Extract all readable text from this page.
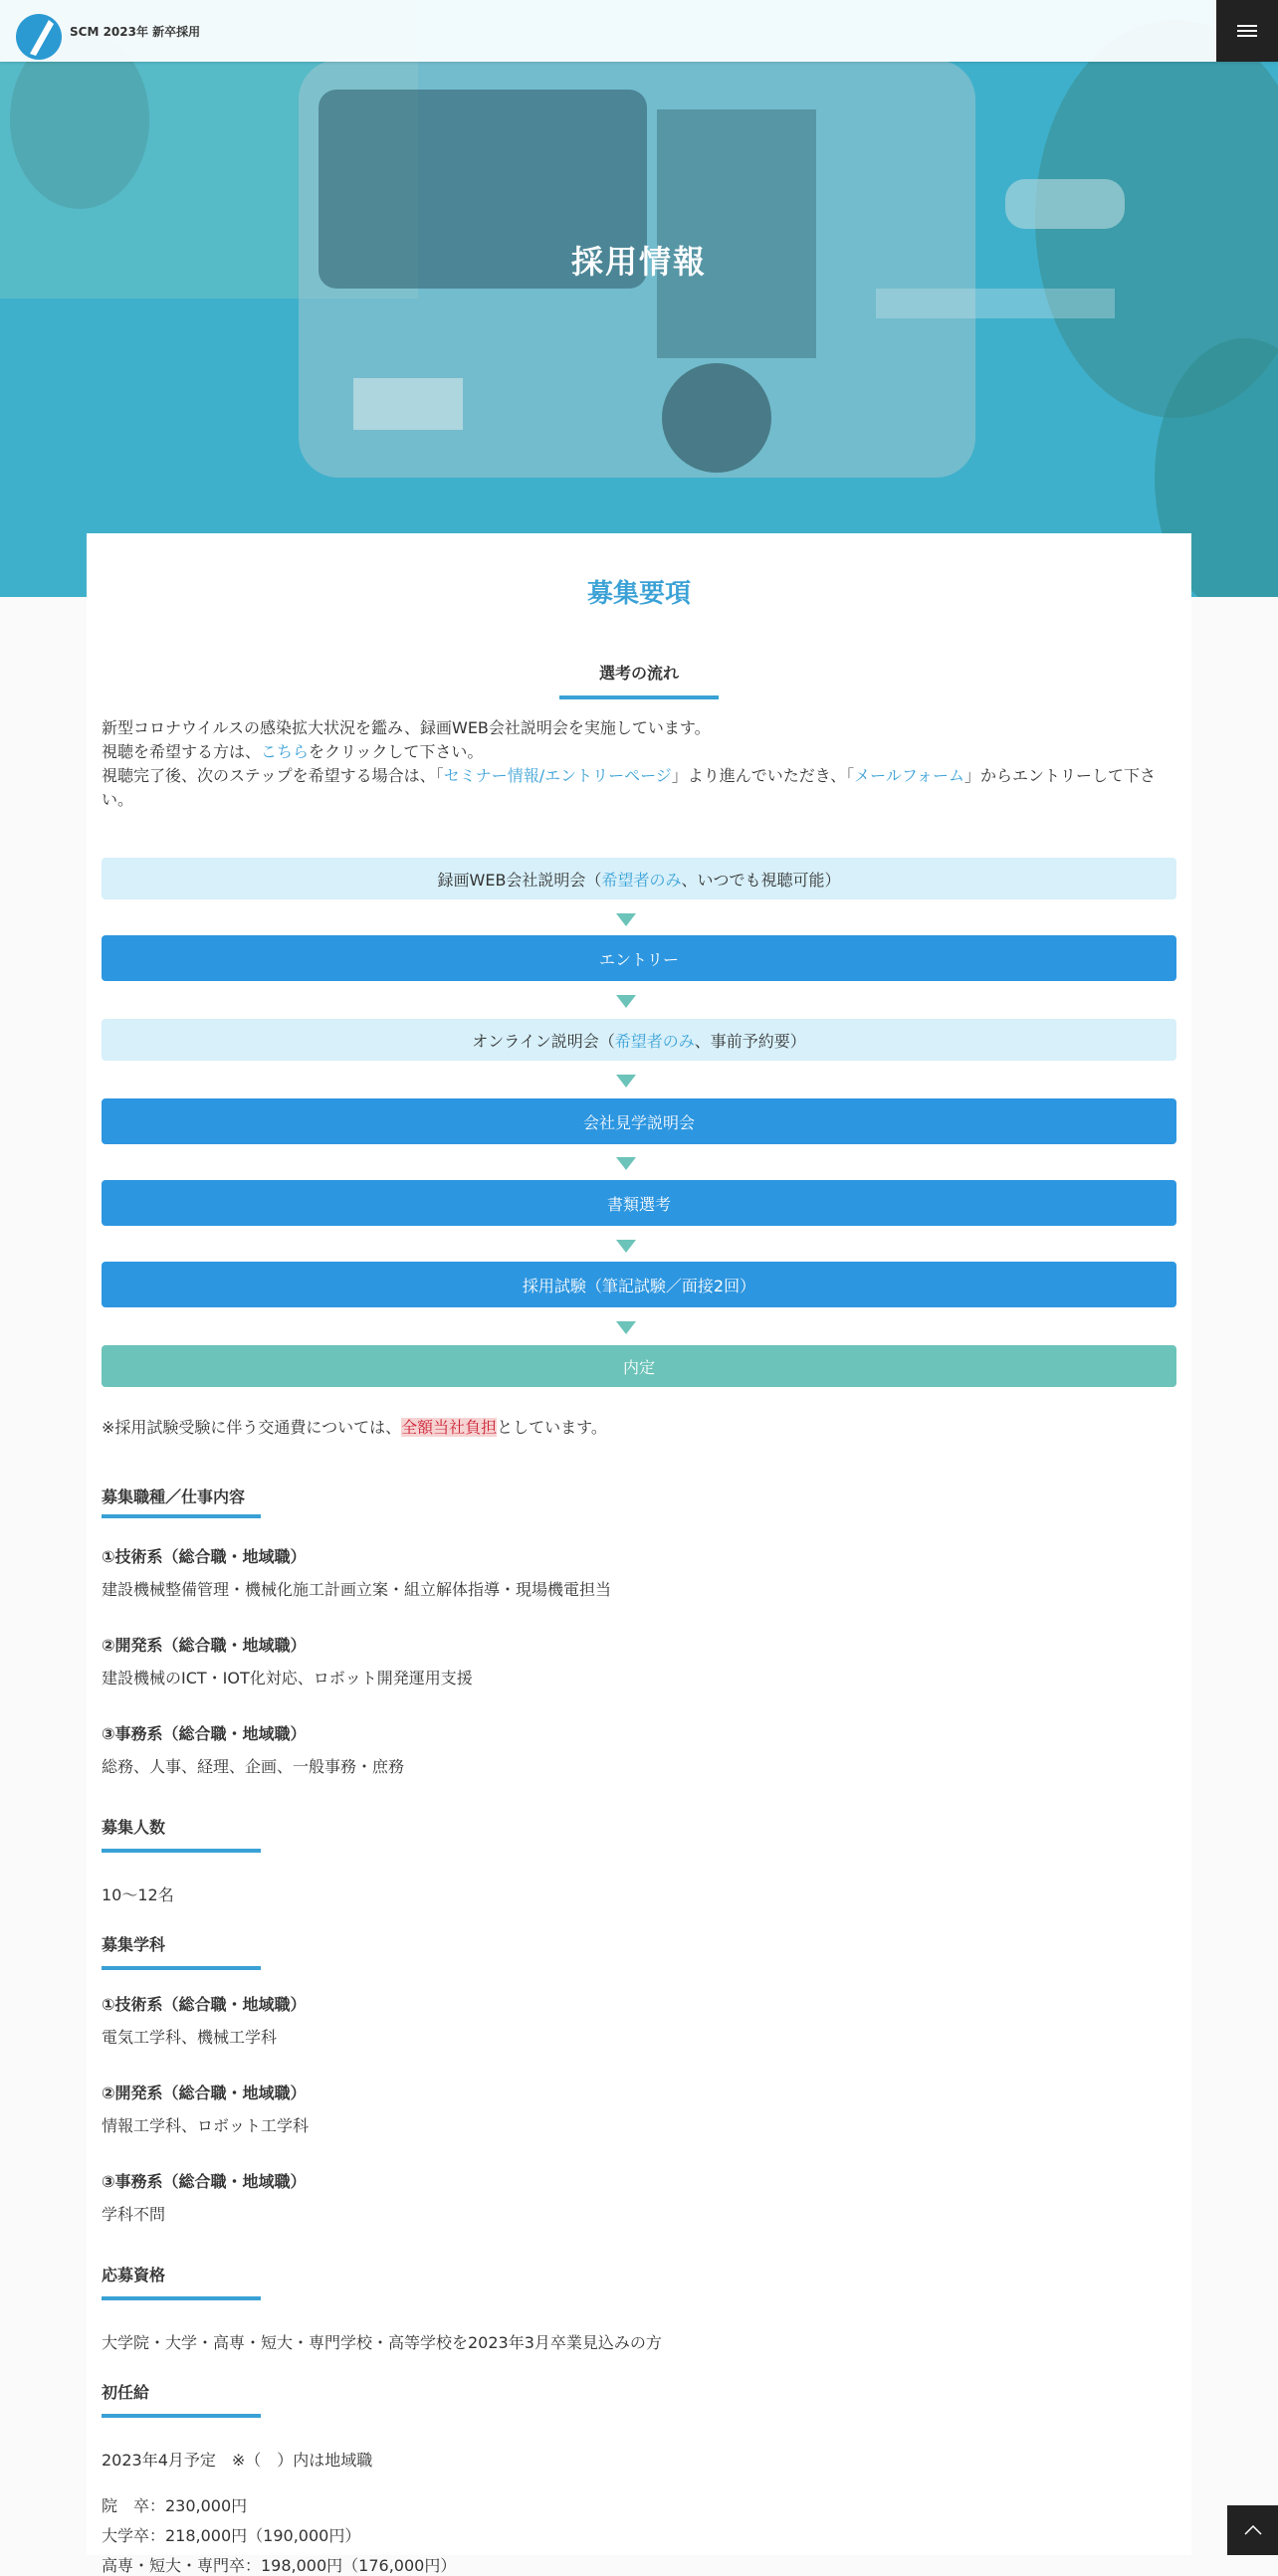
採用情報
SCM 2023年 新卒採用
募集要項
選考の流れ

新型コロナウイルスの感染拡大状況を鑑み、録画WEB会社説明会を実施しています。

視聴を希望する方は、こちらをクリックして下さい。

視聴完了後、次のステップを希望する場合は、「セミナー情報/エントリーページ」より進んでいただき、「メールフォーム」からエントリーして下さい。

録画WEB会社説明会（ 希望者のみ 、いつでも視聴可能）
エントリー
オンライン説明会（ 希望者のみ 、事前予約要）
会社見学説明会
書類選考
採用試験（筆記試験／面接2回）
内定
※採用試験受験に伴う交通費については、全額当社負担としています。
募集職種／仕事内容
①技術系（総合職・地域職）
建設機械整備管理・機械化施工計画立案・組立解体指導・現場機電担当
②開発系（総合職・地域職）
建設機械のICT・IOT化対応、ロボット開発運用支援
③事務系（総合職・地域職）
総務、人事、経理、企画、一般事務・庶務
募集人数
10〜12名
募集学科
①技術系（総合職・地域職）
電気工学科、機械工学科
②開発系（総合職・地域職）
情報工学科、ロボット工学科
③事務系（総合職・地域職）
学科不問
応募資格
大学院・大学・高専・短大・専門学校・高等学校を2023年3月卒業見込みの方
初任給
2023年4月予定　※（　）内は地域職
院　卒：230,000円
大学卒：218,000円（190,000円）
高専・短大・専門卒：198,000円（176,000円）
